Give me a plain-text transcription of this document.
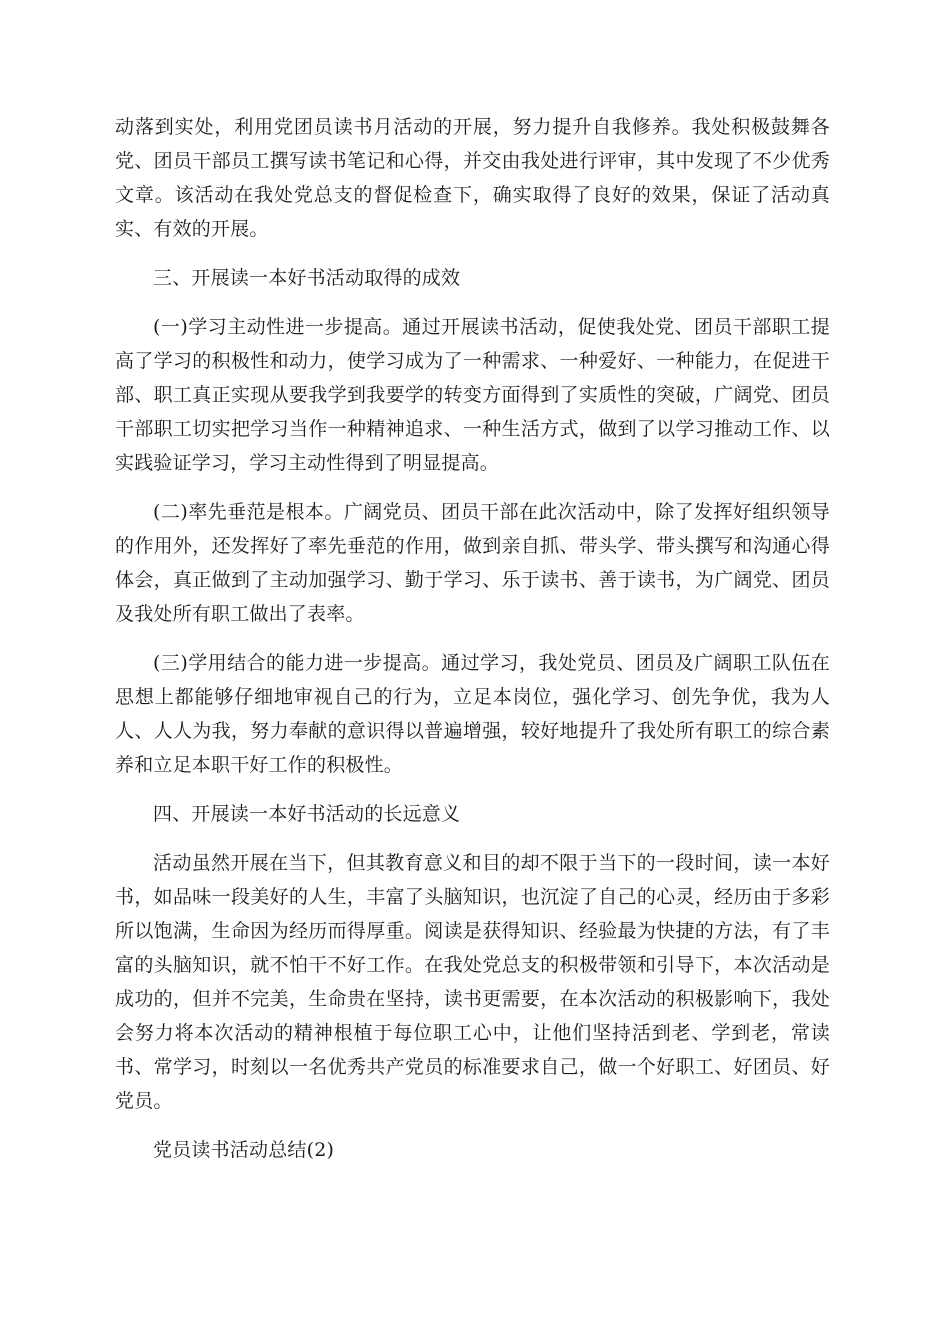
动落到实处，利用党团员读书月活动的开展，努力提升自我修养。我处积极鼓舞各党、团员干部员工撰写读书笔记和心得，并交由我处进行评审，其中发现了不少优秀文章。该活动在我处党总支的督促检查下，确实取得了良好的效果，保证了活动真实、有效的开展。

三、开展读一本好书活动取得的成效

(一)学习主动性进一步提高。通过开展读书活动，促使我处党、团员干部职工提高了学习的积极性和动力，使学习成为了一种需求、一种爱好、一种能力，在促进干部、职工真正实现从要我学到我要学的转变方面得到了实质性的突破，广阔党、团员干部职工切实把学习当作一种精神追求、一种生活方式，做到了以学习推动工作、以实践验证学习，学习主动性得到了明显提高。

(二)率先垂范是根本。广阔党员、团员干部在此次活动中，除了发挥好组织领导的作用外，还发挥好了率先垂范的作用，做到亲自抓、带头学、带头撰写和沟通心得体会，真正做到了主动加强学习、勤于学习、乐于读书、善于读书，为广阔党、团员及我处所有职工做出了表率。

(三)学用结合的能力进一步提高。通过学习，我处党员、团员及广阔职工队伍在思想上都能够仔细地审视自己的行为，立足本岗位，强化学习、创先争优，我为人人、人人为我，努力奉献的意识得以普遍增强，较好地提升了我处所有职工的综合素养和立足本职干好工作的积极性。

四、开展读一本好书活动的长远意义

活动虽然开展在当下，但其教育意义和目的却不限于当下的一段时间，读一本好书，如品味一段美好的人生，丰富了头脑知识，也沉淀了自己的心灵，经历由于多彩所以饱满，生命因为经历而得厚重。阅读是获得知识、经验最为快捷的方法，有了丰富的头脑知识，就不怕干不好工作。在我处党总支的积极带领和引导下，本次活动是成功的，但并不完美，生命贵在坚持，读书更需要，在本次活动的积极影响下，我处会努力将本次活动的精神根植于每位职工心中，让他们坚持活到老、学到老，常读书、常学习，时刻以一名优秀共产党员的标准要求自己，做一个好职工、好团员、好党员。

党员读书活动总结(2)
